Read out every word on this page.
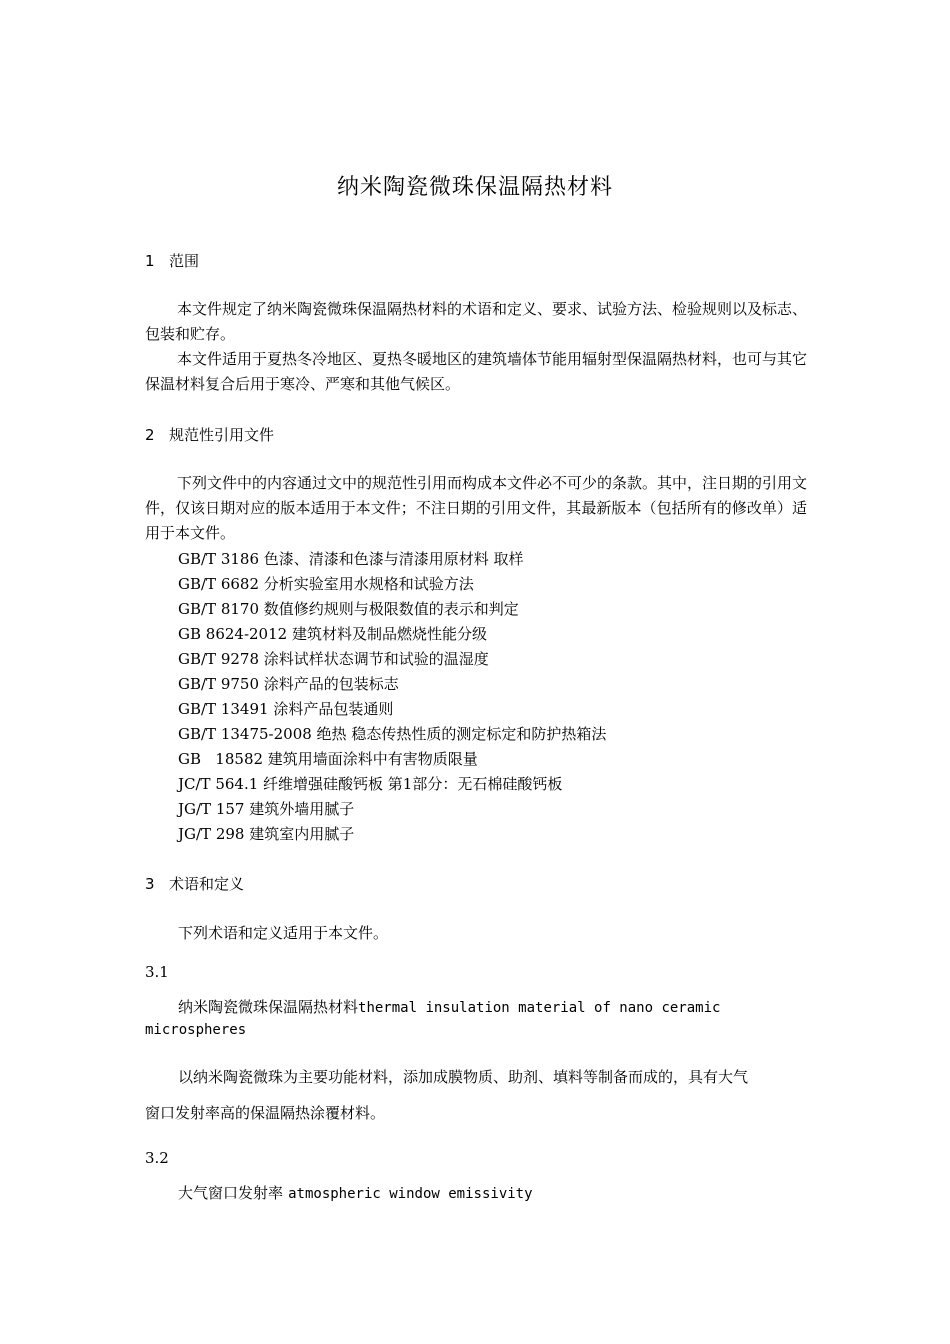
纳米陶瓷微珠保温隔热材料
1 范围
本文件规定了纳米陶瓷微珠保温隔热材料的术语和定义、要求、试验方法、检验规则以及标志、包装和贮存。
本文件适用于夏热冬冷地区、夏热冬暖地区的建筑墙体节能用辐射型保温隔热材料，也可与其它保温材料复合后用于寒冷、严寒和其他气候区。
2 规范性引用文件
下列文件中的内容通过文中的规范性引用而构成本文件必不可少的条款。其中，注日期的引用文件，仅该日期对应的版本适用于本文件；不注日期的引用文件，其最新版本（包括所有的修改单）适用于本文件。
GB/T 3186 色漆、清漆和色漆与清漆用原材料 取样
GB/T 6682 分析实验室用水规格和试验方法
GB/T 8170 数值修约规则与极限数值的表示和判定
GB 8624-2012 建筑材料及制品燃烧性能分级
GB/T 9278 涂料试样状态调节和试验的温湿度
GB/T 9750 涂料产品的包装标志
GB/T 13491 涂料产品包装通则
GB/T 13475-2008 绝热 稳态传热性质的测定标定和防护热箱法
GB   18582 建筑用墙面涂料中有害物质限量
JC/T 564.1 纤维增强硅酸钙板 第1部分：无石棉硅酸钙板
JG/T 157 建筑外墙用腻子
JG/T 298 建筑室内用腻子
3 术语和定义
下列术语和定义适用于本文件。
3.1
纳米陶瓷微珠保温隔热材料thermal insulation material of nano ceramic
microspheres
以纳米陶瓷微珠为主要功能材料，添加成膜物质、助剂、填料等制备而成的，具有大气
窗口发射率高的保温隔热涂覆材料。
3.2
大气窗口发射率 atmospheric window emissivity
